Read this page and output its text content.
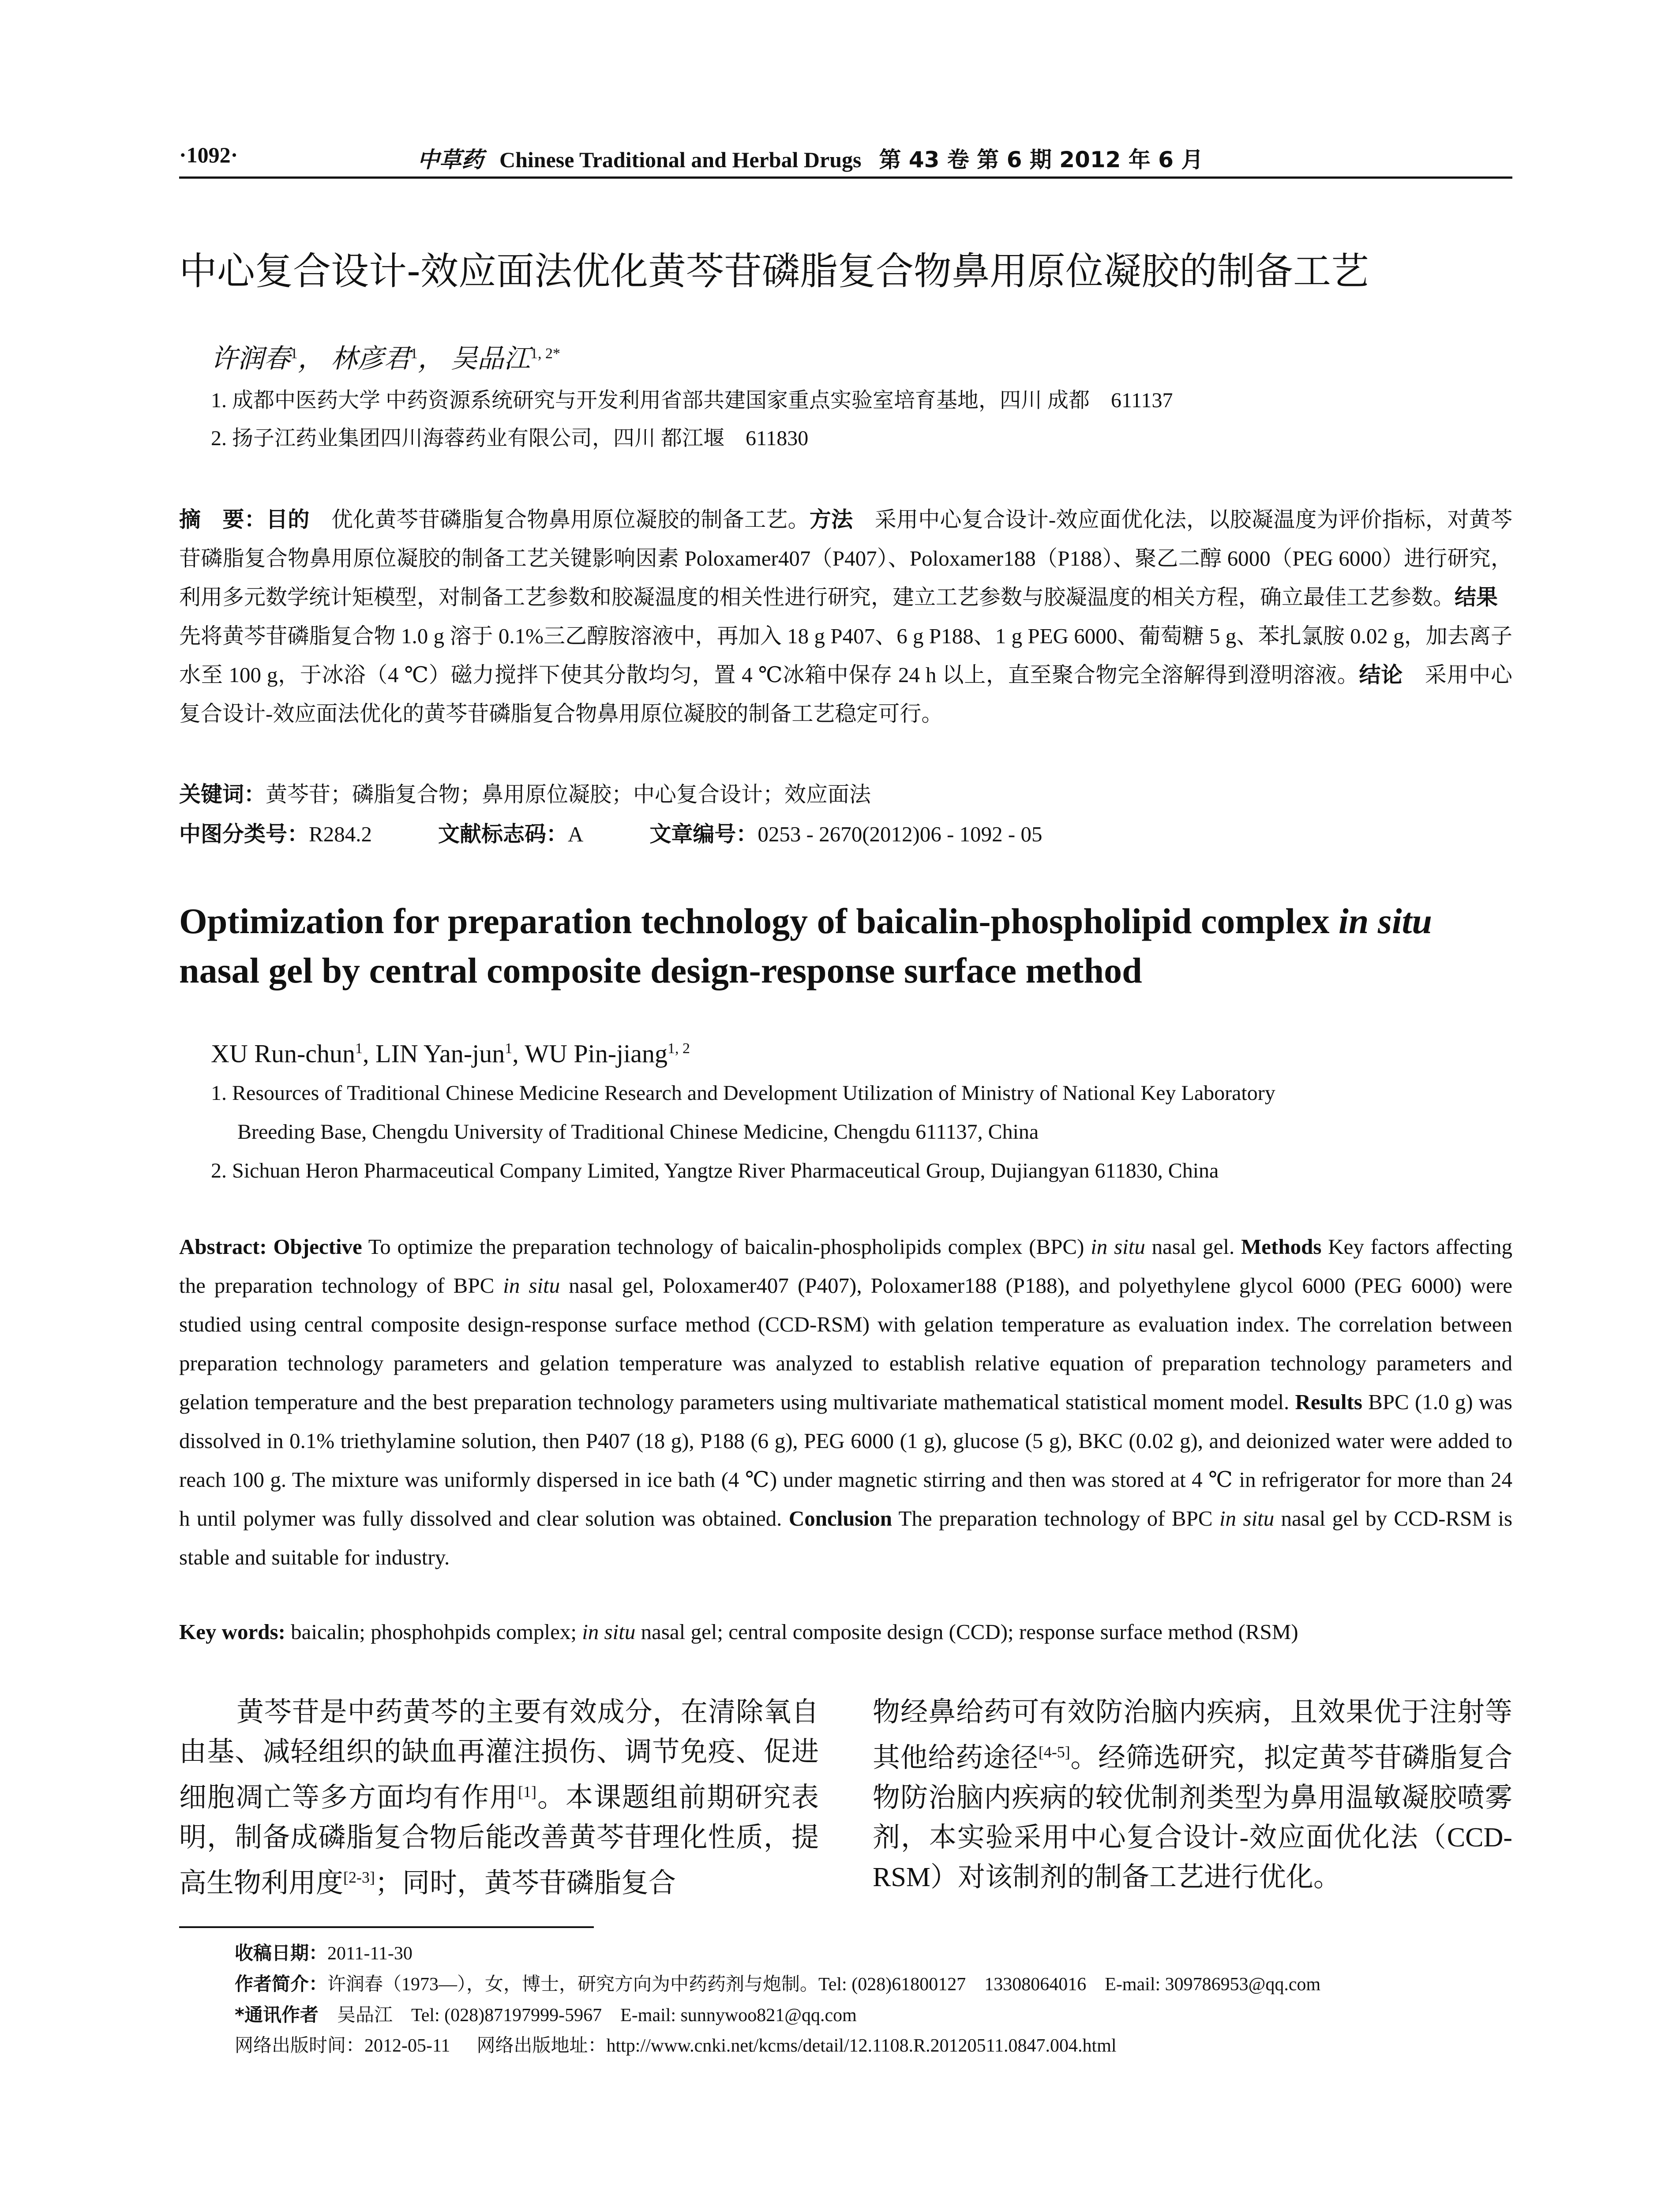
·1092·	中草药 Chinese Traditional and Herbal Drugs 第 43 卷 第 6 期 2012 年 6 月
中心复合设计-效应面法优化黄芩苷磷脂复合物鼻用原位凝胶的制备工艺
许润春$^1$， 林彦君$^1$， 吴品江$^{1, 2*}$
1. 成都中医药大学 中药资源系统研究与开发利用省部共建国家重点实验室培育基地，四川 成都　611137
2. 扬子江药业集团四川海蓉药业有限公司，四川 都江堰　611830
摘　要：目的　优化黄芩苷磷脂复合物鼻用原位凝胶的制备工艺。方法　采用中心复合设计-效应面优化法，以胶凝温度为评价指标，对黄芩苷磷脂复合物鼻用原位凝胶的制备工艺关键影响因素 Poloxamer407（P407）、Poloxamer188（P188）、聚乙二醇 6000（PEG 6000）进行研究，利用多元数学统计矩模型，对制备工艺参数和胶凝温度的相关性进行研究，建立工艺参数与胶凝温度的相关方程，确立最佳工艺参数。结果　先将黄芩苷磷脂复合物 1.0 g 溶于 0.1%三乙醇胺溶液中，再加入 18 g P407、6 g P188、1 g PEG 6000、葡萄糖 5 g、苯扎氯胺 0.02 g，加去离子水至 100 g，于冰浴（4 ℃）磁力搅拌下使其分散均匀，置 4 ℃冰箱中保存 24 h 以上，直至聚合物完全溶解得到澄明溶液。结论　采用中心复合设计-效应面法优化的黄芩苷磷脂复合物鼻用原位凝胶的制备工艺稳定可行。
关键词：黄芩苷；磷脂复合物；鼻用原位凝胶；中心复合设计；效应面法
中图分类号：R284.2	文献标志码：A	文章编号：0253 - 2670(2012)06 - 1092 - 05
Optimization for preparation technology of baicalin-phospholipid complex in situ nasal gel by central composite design-response surface method
XU Run-chun$^1$, LIN Yan-jun$^1$, WU Pin-jiang$^{1, 2}$
1. Resources of Traditional Chinese Medicine Research and Development Utilization of Ministry of National Key Laboratory
Breeding Base, Chengdu University of Traditional Chinese Medicine, Chengdu 611137, China
2. Sichuan Heron Pharmaceutical Company Limited, Yangtze River Pharmaceutical Group, Dujiangyan 611830, China
Abstract: Objective To optimize the preparation technology of baicalin-phospholipids complex (BPC) in situ nasal gel. Methods Key factors affecting the preparation technology of BPC in situ nasal gel, Poloxamer407 (P407), Poloxamer188 (P188), and polyethylene glycol 6000 (PEG 6000) were studied using central composite design-response surface method (CCD-RSM) with gelation temperature as evaluation index. The correlation between preparation technology parameters and gelation temperature was analyzed to establish relative equation of preparation technology parameters and gelation temperature and the best preparation technology parameters using multivariate mathematical statistical moment model. Results BPC (1.0 g) was dissolved in 0.1% triethylamine solution, then P407 (18 g), P188 (6 g), PEG 6000 (1 g), glucose (5 g), BKC (0.02 g), and deionized water were added to reach 100 g. The mixture was uniformly dispersed in ice bath (4 ℃) under magnetic stirring and then was stored at 4 ℃ in refrigerator for more than 24 h until polymer was fully dissolved and clear solution was obtained. Conclusion The preparation technology of BPC in situ nasal gel by CCD-RSM is stable and suitable for industry.
Key words: baicalin; phosphohpids complex; in situ nasal gel; central composite design (CCD); response surface method (RSM)
黄芩苷是中药黄芩的主要有效成分，在清除氧自由基、减轻组织的缺血再灌注损伤、调节免疫、促进细胞凋亡等多方面均有作用[1]。本课题组前期研究表明，制备成磷脂复合物后能改善黄芩苷理化性质，提高生物利用度[2-3]；同时，黄芩苷磷脂复合
物经鼻给药可有效防治脑内疾病，且效果优于注射等其他给药途径[4-5]。经筛选研究，拟定黄芩苷磷脂复合物防治脑内疾病的较优制剂类型为鼻用温敏凝胶喷雾剂，本实验采用中心复合设计-效应面优化法（CCD-RSM）对该制剂的制备工艺进行优化。
收稿日期：2011-11-30
作者简介：许润春（1973—），女，博士，研究方向为中药药剂与炮制。Tel: (028)61800127　13308064016　E-mail: 309786953@qq.com
*通讯作者　吴品江　Tel: (028)87197999-5967　E-mail: sunnywoo821@qq.com
网络出版时间：2012-05-11 网络出版地址：http://www.cnki.net/kcms/detail/12.1108.R.20120511.0847.004.html
